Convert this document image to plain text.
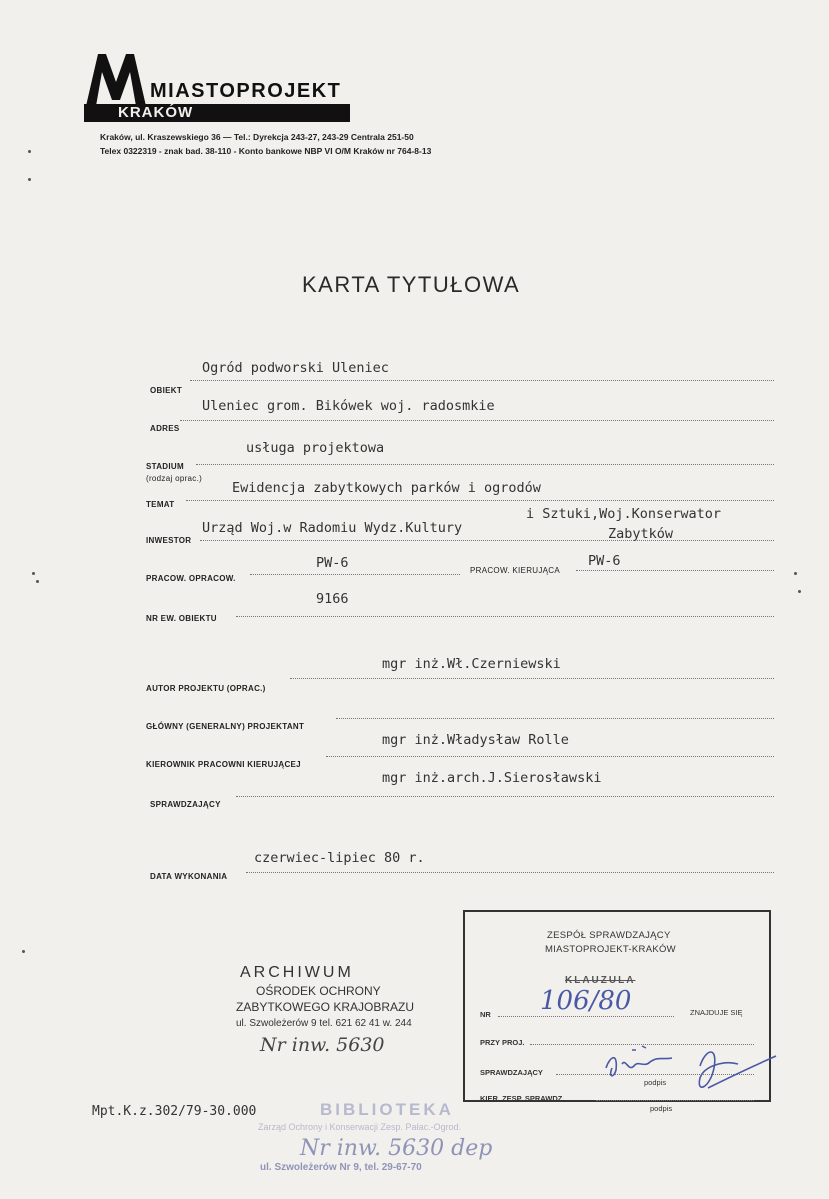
MIASTOPROJEKT
KRAKÓW
Kraków, ul. Kraszewskiego 36 — Tel.: Dyrekcja 243-27, 243-29 Centrala 251-50
Telex 0322319 - znak bad. 38-110 - Konto bankowe NBP VI O/M Kraków nr 764-8-13
KARTA TYTUŁOWA
Ogród podworski Uleniec
OBIEKT
Uleniec grom. Bikówek woj. radosmkie
ADRES
usługa projektowa
STADIUM
(rodzaj oprac.)
Ewidencja zabytkowych parków i ogrodów
TEMAT
Urząd Woj.w Radomiu Wydz.Kultury
i Sztuki,Woj.Konserwator
Zabytków
INWESTOR
PW-6
PRACOW. OPRACOW.
PW-6
PRACOW. KIERUJĄCA
9166
NR EW. OBIEKTU
mgr inż.Wł.Czerniewski
AUTOR PROJEKTU (OPRAC.)
GŁÓWNY (GENERALNY) PROJEKTANT
mgr inż.Władysław Rolle
KIEROWNIK PRACOWNI KIERUJĄCEJ
mgr inż.arch.J.Sierosławski
SPRAWDZAJĄCY
czerwiec-lipiec 80 r.
DATA WYKONANIA
ARCHIWUM
OŚRODEK OCHRONY
ZABYTKOWEGO KRAJOBRAZU
ul. Szwoleżerów 9 tel. 621 62 41 w. 244
Nr inw. 5630
ZESPÓŁ SPRAWDZAJĄCY
MIASTOPROJEKT-KRAKÓW
KLAUZULA
NR 106/80	ZNAJDUJE SIĘ
PRZY PROJ.
SPRAWDZAJĄCY
podpis
KIER. ZESP. SPRAWDZ.
podpis
Mpt.K.z.302/79-30.000	BIBLIOTEKA
Zarząd Ochrony i Konserwacji Zesp. Pałac.-Ogrod.
Nr inw. 5630 dep
ul. Szwoleżerów Nr 9, tel. 29-67-70
